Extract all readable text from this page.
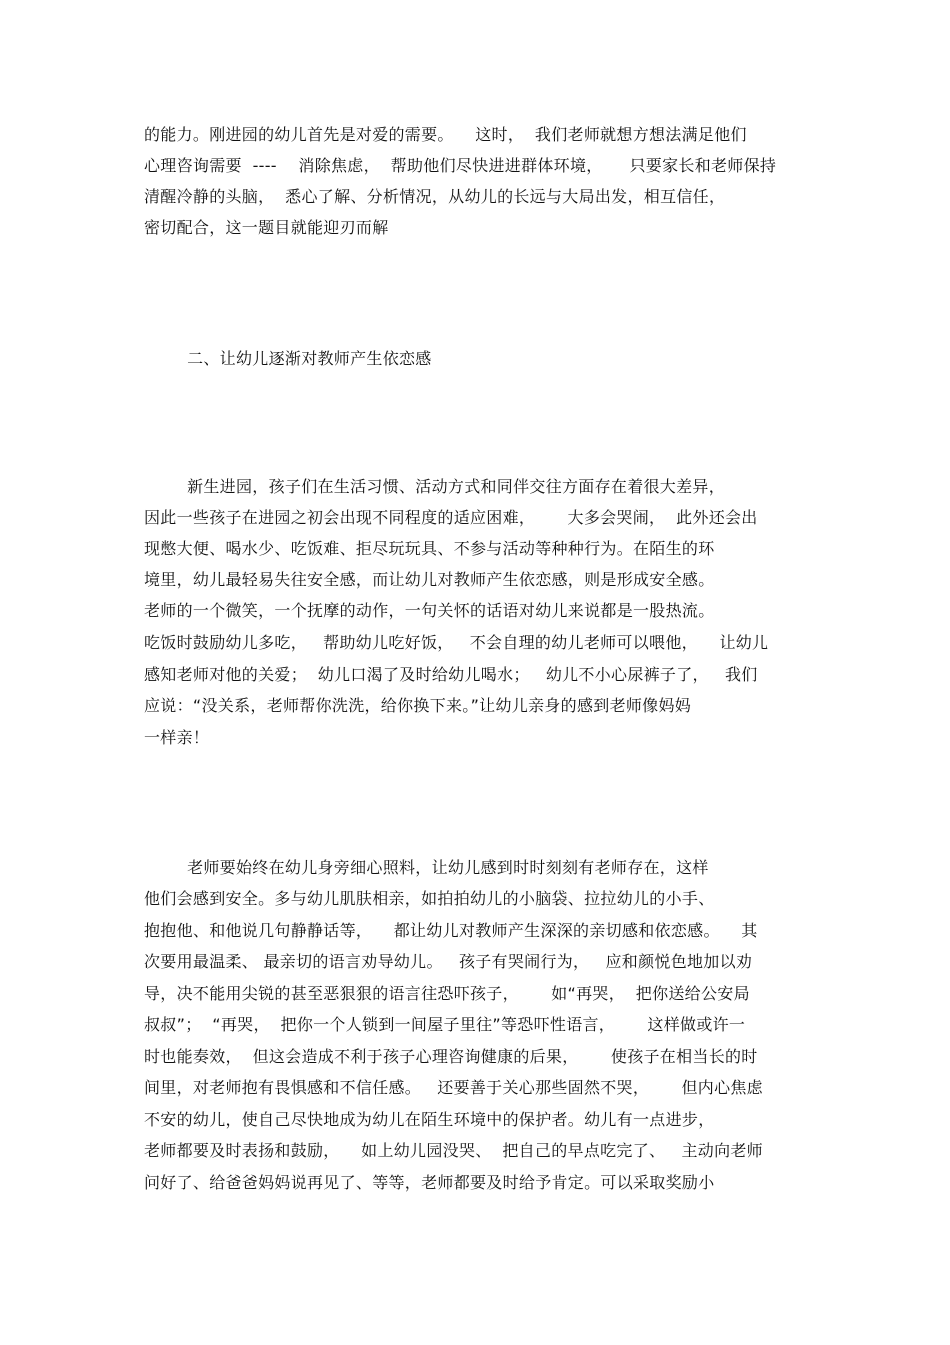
的能力。刚进园的幼儿首先是对爱的需要。    这时，  我们老师就想方想法满足他们
心理咨询需要  ----    消除焦虑，  帮助他们尽快进进群体环境，     只要家长和老师保持
清醒冷静的头脑，  悉心了解、分析情况，从幼儿的长远与大局出发，相互信任，
密切配合，这一题目就能迎刃而解
二、让幼儿逐渐对教师产生依恋感
新生进园，孩子们在生活习惯、活动方式和同伴交往方面存在着很大差异，
因此一些孩子在进园之初会出现不同程度的适应困难，      大多会哭闹，  此外还会出
现憋大便、喝水少、吃饭难、拒尽玩玩具、不参与活动等种种行为。在陌生的环
境里，幼儿最轻易失往安全感，而让幼儿对教师产生依恋感，则是形成安全感。
老师的一个微笑，一个抚摩的动作，一句关怀的话语对幼儿来说都是一股热流。
吃饭时鼓励幼儿多吃，   帮助幼儿吃好饭，   不会自理的幼儿老师可以喂他，    让幼儿
感知老师对他的关爱；  幼儿口渴了及时给幼儿喝水；   幼儿不小心尿裤子了，   我们
应说：“没关系，老师帮你洗洗，给你换下来。”让幼儿亲身的感到老师像妈妈
一样亲！
老师要始终在幼儿身旁细心照料，让幼儿感到时时刻刻有老师存在，这样
他们会感到安全。多与幼儿肌肤相亲，如拍拍幼儿的小脑袋、拉拉幼儿的小手、
抱抱他、和他说几句静静话等，    都让幼儿对教师产生深深的亲切感和依恋感。    其
次要用最温柔、 最亲切的语言劝导幼儿。   孩子有哭闹行为，   应和颜悦色地加以劝
导，决不能用尖锐的甚至恶狠狠的语言往恐吓孩子，      如“再哭，  把你送给公安局
叔叔”；  “再哭，  把你一个人锁到一间屋子里往”等恐吓性语言，      这样做或许一
时也能奏效，  但这会造成不利于孩子心理咨询健康的后果，      使孩子在相当长的时
间里，对老师抱有畏惧感和不信任感。   还要善于关心那些固然不哭，      但内心焦虑
不安的幼儿，使自己尽快地成为幼儿在陌生环境中的保护者。幼儿有一点进步，
老师都要及时表扬和鼓励，    如上幼儿园没哭、  把自己的早点吃完了、   主动向老师
问好了、给爸爸妈妈说再见了、等等，老师都要及时给予肯定。可以采取奖励小
